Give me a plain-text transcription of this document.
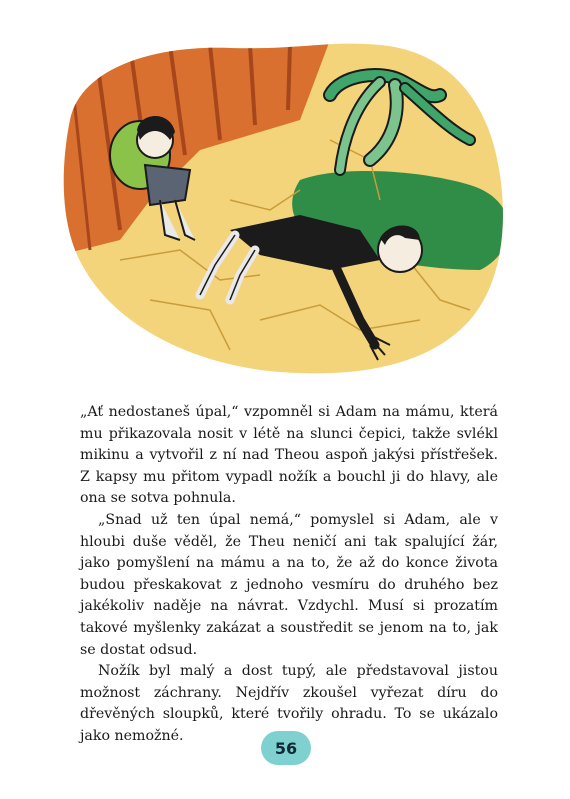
„Ať nedostaneš úpal,“ vzpomněl si Adam na mámu, která mu přikazovala nosit v létě na slunci čepici, takže svlékl mikinu a vytvořil z ní nad Theou aspoň jakýsi přístřešek. Z kapsy mu přitom vypadl nožík a bouchl ji do hlavy, ale ona se sotva pohnula.

„Snad už ten úpal nemá,“ pomyslel si Adam, ale v hloubi duše věděl, že Theu neničí ani tak spalující žár, jako pomyšlení na mámu a na to, že až do konce života budou přeskakovat z jednoho vesmíru do druhého bez jakékoliv naděje na návrat. Vzdychl. Musí si prozatím takové myšlenky zakázat a soustředit se jenom na to, jak se dostat odsud.

Nožík byl malý a dost tupý, ale představoval jistou možnost záchrany. Nejdřív zkoušel vyřezat díru do dřevěných sloupků, které tvořily ohradu. To se ukázalo jako nemožné.

56
